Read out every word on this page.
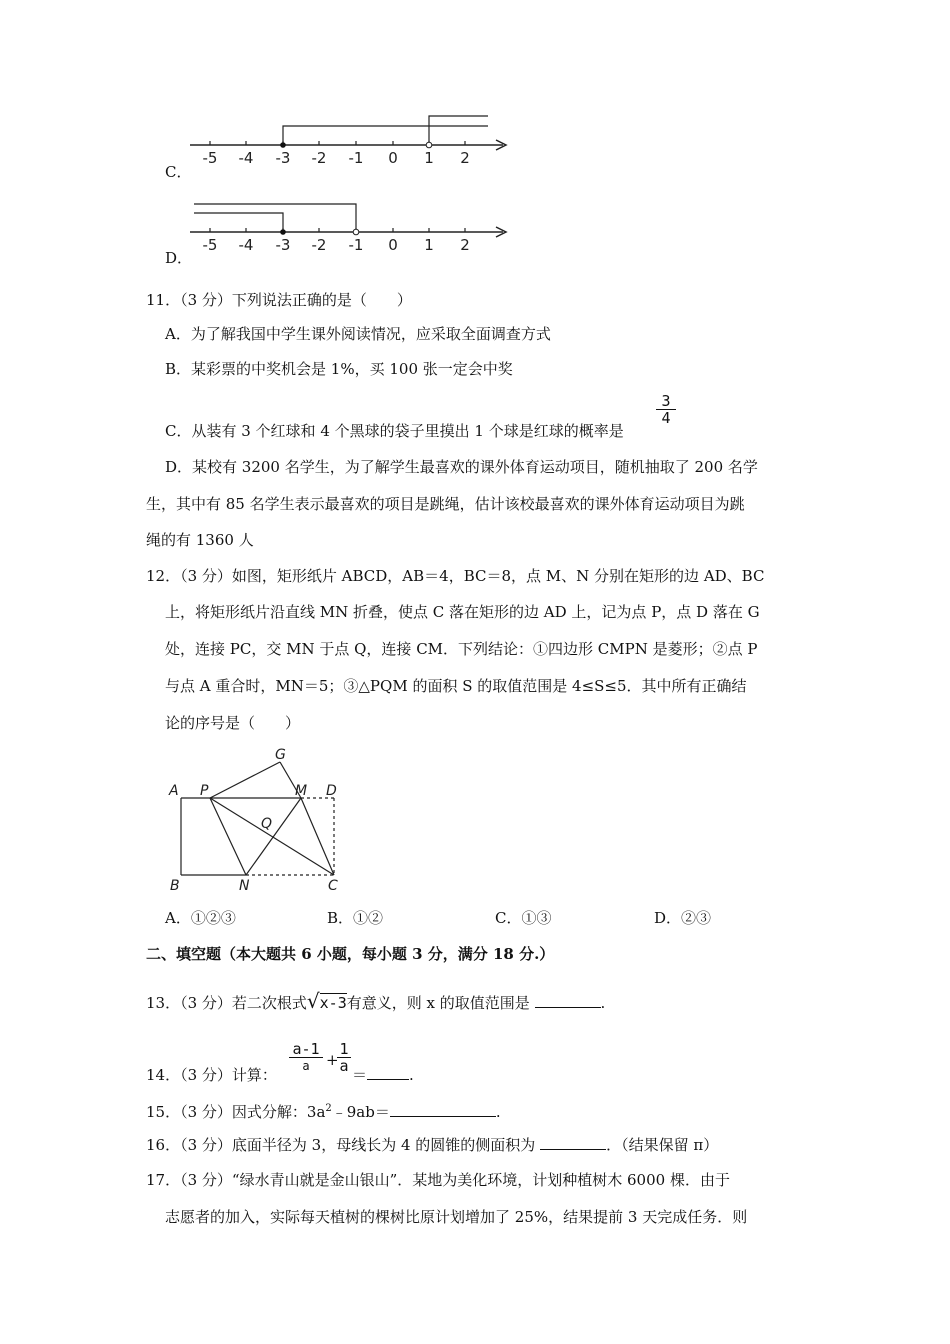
-5 -4 -3 -2 -1 0 1 2
C．
-5 -4 -3 -2 -1 0 1 2
D．
11．（3 分）下列说法正确的是（　　）
A．为了解我国中学生课外阅读情况，应采取全面调查方式
B．某彩票的中奖机会是 1%，买 100 张一定会中奖
C．从装有 3 个红球和 4 个黑球的袋子里摸出 1 个球是红球的概率是
$\frac{3}{4}$
D．某校有 3200 名学生，为了解学生最喜欢的课外体育运动项目，随机抽取了 200 名学
生，其中有 85 名学生表示最喜欢的项目是跳绳，估计该校最喜欢的课外体育运动项目为跳
绳的有 1360 人
12．（3 分）如图，矩形纸片 ABCD，AB＝4，BC＝8，点 M、N 分别在矩形的边 AD、BC
上，将矩形纸片沿直线 MN 折叠，使点 C 落在矩形的边 AD 上，记为点 P，点 D 落在 G
处，连接 PC，交 MN 于点 Q，连接 CM．下列结论：①四边形 CMPN 是菱形；②点 P
与点 A 重合时，MN＝5；③△PQM 的面积 S 的取值范围是 4≤S≤5．其中所有正确结
论的序号是（　　）
A P
G
M D
Q
B	N	C
A．①②③	B．①②	C．①③	D．②③
二、填空题（本大题共 6 小题，每小题 3 分，满分 18 分.）
13．（3 分）若二次根式√x-3有意义，则 x 的取值范围是	.
14．（3 分）计算：
a-1
a	+
$\frac{1}{a}$
＝	.
15．（3 分）因式分解：$3a^2﹣9ab=$	.
16．（3 分）底面半径为 3，母线长为 4 的圆锥的侧面积为	．（结果保留 π）
17．（3 分）“绿水青山就是金山银山”．某地为美化环境，计划种植树木 6000 棵．由于
志愿者的加入，实际每天植树的棵树比原计划增加了 25%，结果提前 3 天完成任务．则
